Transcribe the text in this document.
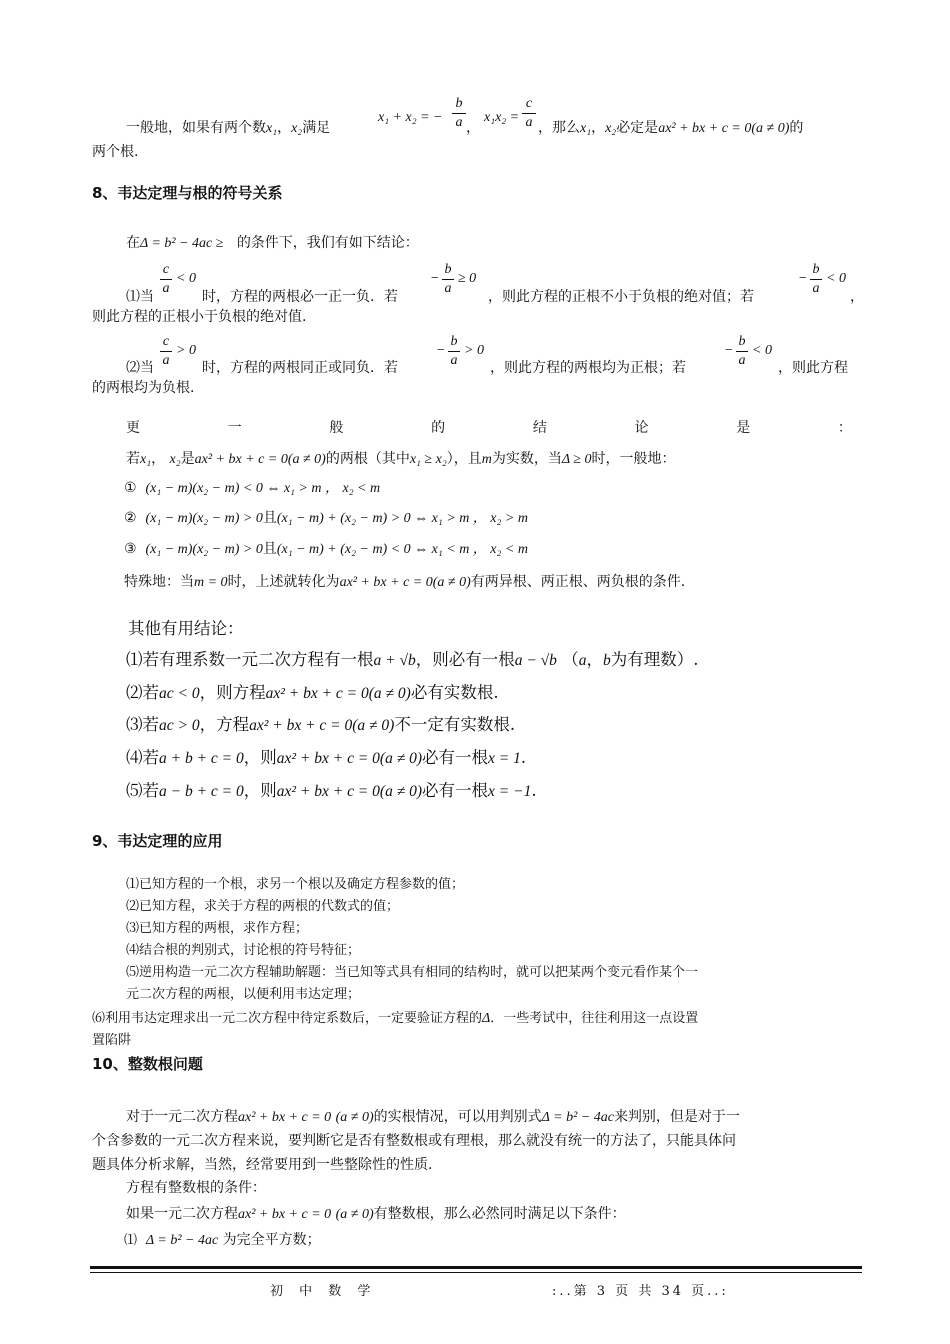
一般地，如果有两个数x₁，x₂满足
x₁ + x₂ = −
b
a ，
x₁x₂ =
c
a ，那么x₁，x₂必定是ax² + bx + c = 0(a ≠ 0)的
两个根.
8、韦达定理与根的符号关系
在Δ = b² − 4ac ≥ 的条件下，我们有如下结论：
c
a
< 0	−
b
a
≥ 0	−
b
a
< 0
⑴当	时，方程的两根必一正一负．若	，则此方程的正根不小于负根的绝对值；若	，
则此方程的正根小于负根的绝对值.
c
a
> 0	−
b
a
> 0	−
b
a
< 0
⑵当	时，方程的两根同正或同负．若	，则此方程的两根均为正根；若	，则此方程
的两根均为负根.
更	一	般	的	结	论	是	：
若x₁， x₂是ax² + bx + c = 0(a ≠ 0)的两根（其中x₁ ≥ x₂），且m为实数，当Δ ≥ 0时，一般地：
① (x₁ − m)(x₂ − m) < 0 ⇔ x₁ > m ， x₂ < m
② (x₁ − m)(x₂ − m) > 0且(x₁ − m) + (x₂ − m) > 0 ⇔ x₁ > m ， x₂ > m
③ (x₁ − m)(x₂ − m) > 0且(x₁ − m) + (x₂ − m) < 0 ⇔ x₁ < m ， x₂ < m
特殊地：当m = 0时，上述就转化为ax² + bx + c = 0(a ≠ 0)有两异根、两正根、两负根的条件.
其他有用结论：
⑴若有理系数一元二次方程有一根a + √b，则必有一根a − √b （a，b为有理数）.
⑵若ac < 0，则方程ax² + bx + c = 0(a ≠ 0)必有实数根.
⑶若ac > 0，方程ax² + bx + c = 0(a ≠ 0)不一定有实数根.
⑷若a + b + c = 0，则ax² + bx + c = 0(a ≠ 0)必有一根x = 1.
⑸若a − b + c = 0，则ax² + bx + c = 0(a ≠ 0)必有一根x = −1.
9、韦达定理的应用
⑴已知方程的一个根，求另一个根以及确定方程参数的值；
⑵已知方程，求关于方程的两根的代数式的值；
⑶已知方程的两根，求作方程；
⑷结合根的判别式，讨论根的符号特征；
⑸逆用构造一元二次方程辅助解题：当已知等式具有相同的结构时，就可以把某两个变元看作某个一
元二次方程的两根，以便利用韦达定理；
⑹利用韦达定理求出一元二次方程中待定系数后，一定要验证方程的Δ．一些考试中，往往利用这一点设置
置陷阱
10、整数根问题
对于一元二次方程ax² + bx + c = 0 (a ≠ 0)的实根情况，可以用判别式Δ = b² − 4ac来判别，但是对于一
个含参数的一元二次方程来说，要判断它是否有整数根或有理根，那么就没有统一的方法了，只能具体问
题具体分析求解，当然，经常要用到一些整除性的性质.
方程有整数根的条件：
如果一元二次方程ax² + bx + c = 0 (a ≠ 0)有整数根，那么必然同时满足以下条件：
⑴ Δ = b² − 4ac 为完全平方数；
初 中 数 学	:..第 3 页 共 34 页..:
